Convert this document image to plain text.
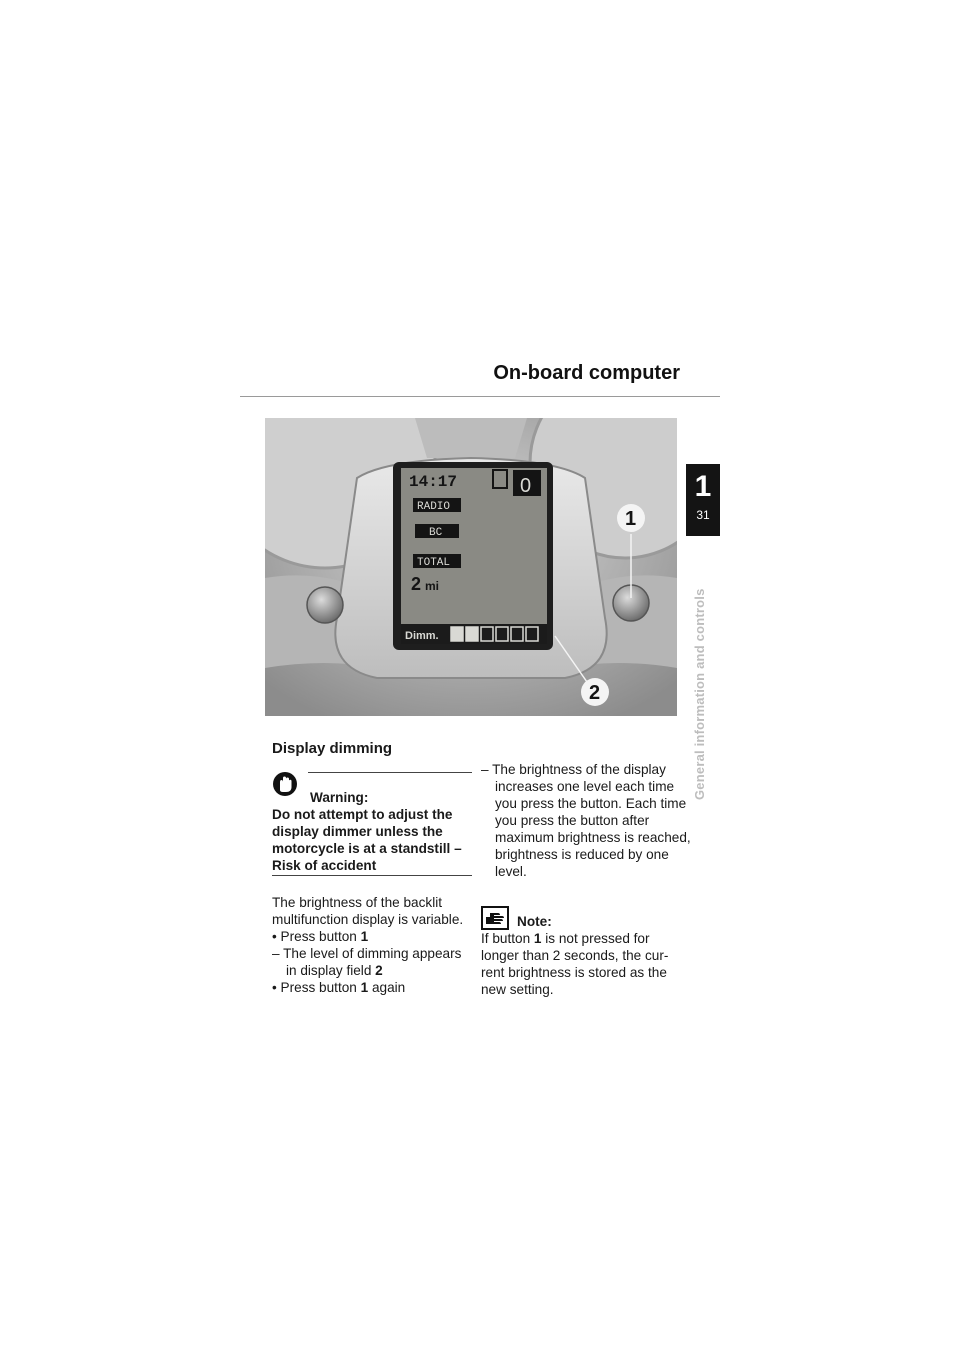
On-board computer
1
31
General information and controls
14:17	0
RADIO
BC
TOTAL
2 mi
Dimm.
1
2
Display dimming
Warning:
Do not attempt to adjust the display dimmer unless the motorcycle is at a standstill – Risk of accident
The brightness of the backlit multifunction display is variable.
• Press button 1
– The level of dimming appears in display field 2
• Press button 1 again
– The brightness of the display increases one level each time you press the button. Each time you press the button after maximum brightness is reached, brightness is reduced by one level.
Note:
If button 1 is not pressed for longer than 2 seconds, the cur-rent brightness is stored as the new setting.
